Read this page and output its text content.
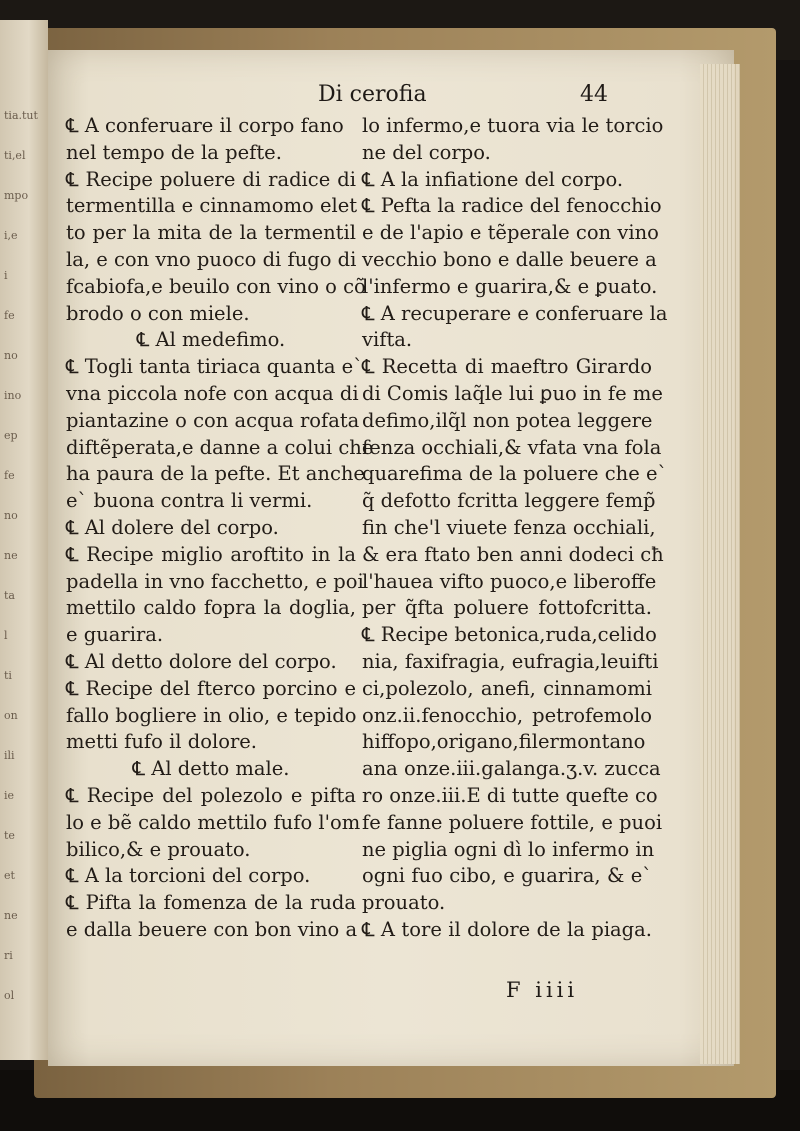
tia.tut
ti,el
mpo
i,e
i
fe
no
ino
ep
fe
no
ne
ta
l
ti
on
ili
ie
te
et
ne
ri
ol
Di cerofia	44
℄ A conferuare il corpo fano
nel tempo de la pefte.
℄ Recipe poluere di radice di
termentilla e cinnamomo elet
to per la mita de la termentil
la, e con vno puoco di fugo di
fcabiofa,e beuilo con vino o cõ
brodo o con miele.
℄ Al medefimo.
℄ Togli tanta tiriaca quanta e`
vna piccola nofe con acqua di
piantazine o con acqua rofata
diftẽperata,e danne a colui che
ha paura de la pefte. Et anche
e` buona contra li vermi.
℄ Al dolere del corpo.
℄ Recipe miglio aroftito in la
padella in vno facchetto, e poi
mettilo caldo fopra la doglia,
e guarira.
℄ Al detto dolore del corpo.
℄ Recipe del fterco porcino e
fallo bogliere in olio, e tepido
metti fufo il dolore.
℄ Al detto male.
℄ Recipe del polezolo e pifta
lo e bẽ caldo mettilo fufo l'om
bilico,& e prouato.
℄ A la torcioni del corpo.
℄ Pifta la fomenza de la ruda
e dalla beuere con bon vino a
lo infermo,e tuora via le torcio
ne del corpo.
℄ A la infiatione del corpo.
℄ Pefta la radice del fenocchio
e de l'apio e tẽperale con vino
vecchio bono e dalle beuere a
l'infermo e guarira,& e ꝑuato.
℄ A recuperare e conferuare la
vifta.
℄ Recetta di maeftro Girardo
di Comis laq̃le lui ꝑuo in fe me
defimo,ilq̃l non potea leggere
fenza occhiali,& vfata vna fola
quarefima de la poluere che e`
q̃ defotto fcritta leggere femp̃
fin che'l viuete fenza occhiali,
& era ftato ben anni dodeci cħ
l'hauea vifto puoco,e liberoffe
per q̃fta poluere fottofcritta.
℄ Recipe betonica,ruda,celido
nia, faxifragia, eufragia,leuifti
ci,polezolo, anefi, cinnamomi
onz.ii.fenocchio, petrofemolo
hiffopo,origano,filermontano
ana onze.iii.galanga.ʒ.v. zucca
ro onze.iii.E di tutte quefte co
fe fanne poluere fottile, e puoi
ne piglia ogni dì lo infermo in
ogni fuo cibo, e guarira, & e`
prouato.
℄ A tore il dolore de la piaga.
F iiii
